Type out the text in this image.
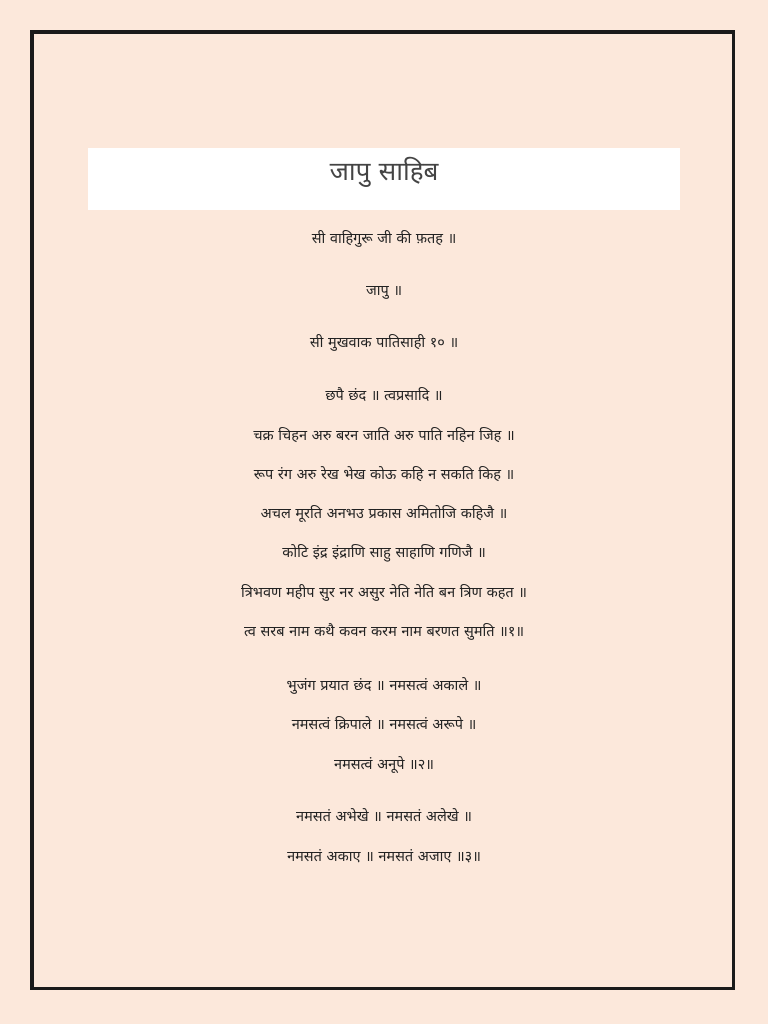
जापु साहिब
सी वाहिगुरू जी की फ़तह ॥
जापु ॥
सी मुखवाक पातिसाही १० ॥
छपै छंद ॥ त्वप्रसादि ॥
चक्र चिहन अरु बरन जाति अरु पाति नहिन जिह ॥
रूप रंग अरु रेख भेख कोऊ कहि न सकति किह ॥
अचल मूरति अनभउ प्रकास अमितोजि कहिजै ॥
कोटि इंद्र इंद्राणि साहु साहाणि गणिजै ॥
त्रिभवण महीप सुर नर असुर नेति नेति बन त्रिण कहत ॥
त्व सरब नाम कथै कवन करम नाम बरणत सुमति ॥१॥
भुजंग प्रयात छंद ॥ नमसत्वं अकाले ॥
नमसत्वं क्रिपाले ॥ नमसत्वं अरूपे ॥
नमसत्वं अनूपे ॥२॥
नमसतं अभेखे ॥ नमसतं अलेखे ॥
नमसतं अकाए ॥ नमसतं अजाए ॥३॥
